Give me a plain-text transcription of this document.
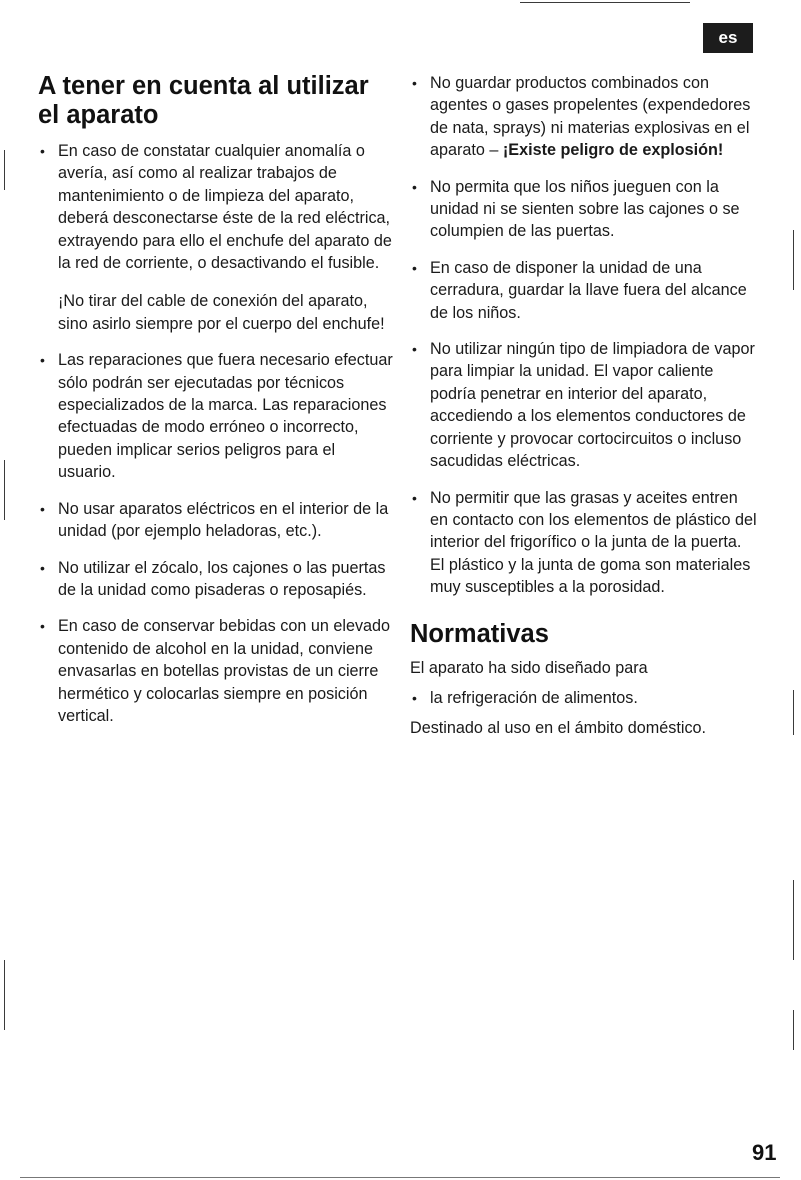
es
A tener en cuenta al utilizar el aparato
• En caso de constatar cualquier anomalía o avería, así como al realizar trabajos de mantenimiento o de limpieza del aparato, deberá desconectarse éste de la red eléctrica, extrayendo para ello el enchufe del aparato de la red de corriente, o desactivando el fusible.
¡No tirar del cable de conexión del aparato, sino asirlo siempre por el cuerpo del enchufe!
• Las reparaciones que fuera necesario efectuar sólo podrán ser ejecutadas por técnicos especializados de la marca. Las reparaciones efectuadas de modo erróneo o incorrecto, pueden implicar serios peligros para el usuario.
• No usar aparatos eléctricos en el interior de la unidad (por ejemplo heladoras, etc.).
• No utilizar el zócalo, los cajones o las puertas de la unidad como pisaderas o reposapiés.
• En caso de conservar bebidas con un elevado contenido de alcohol en la unidad, conviene envasarlas en botellas provistas de un cierre hermético y colocarlas siempre en posición vertical.
• No guardar productos combinados con agentes o gases propelentes (expendedores de nata, sprays) ni materias explosivas en el aparato – ¡Existe peligro de explosión!
• No permita que los niños jueguen con la unidad ni se sienten sobre las cajones o se columpien de las puertas.
• En caso de disponer la unidad de una cerradura, guardar la llave fuera del alcance de los niños.
• No utilizar ningún tipo de limpiadora de vapor para limpiar la unidad. El vapor caliente podría penetrar en interior del aparato, accediendo a los elementos conductores de corriente y provocar cortocircuitos o incluso sacudidas eléctricas.
• No permitir que las grasas y aceites entren en contacto con los elementos de plástico del interior del frigorífico o la junta de la puerta. El plástico y la junta de goma son materiales muy susceptibles a la porosidad.
Normativas

El aparato ha sido diseñado para

• la refrigeración de alimentos.

Destinado al uso en el ámbito doméstico.

91
